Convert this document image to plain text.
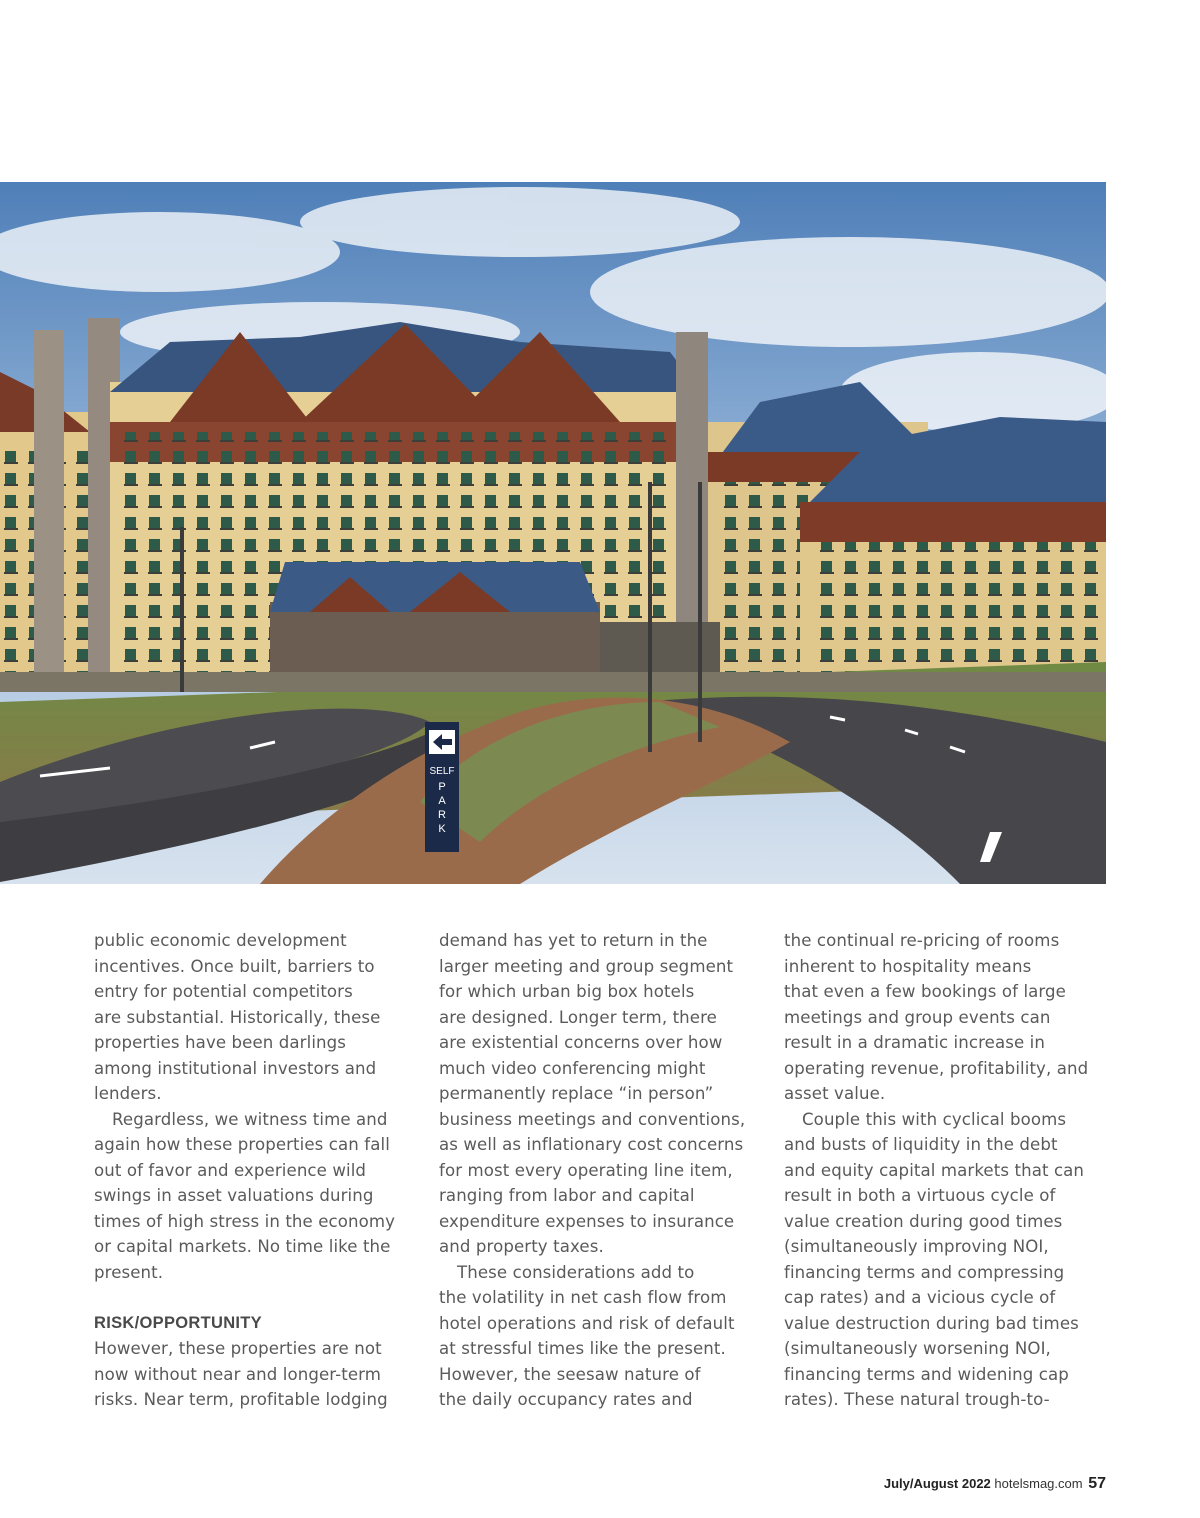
SELF
P
A
R
K

public economic development
incentives. Once built, barriers to
entry for potential competitors
are substantial. Historically, these
properties have been darlings
among institutional investors and
lenders.

Regardless, we witness time and
again how these properties can fall
out of favor and experience wild
swings in asset valuations during
times of high stress in the economy
or capital markets. No time like the
present.

RISK/OPPORTUNITY

However, these properties are not
now without near and longer-term
risks. Near term, profitable lodging

demand has yet to return in the
larger meeting and group segment
for which urban big box hotels
are designed. Longer term, there
are existential concerns over how
much video conferencing might
permanently replace “in person”
business meetings and conventions,
as well as inflationary cost concerns
for most every operating line item,
ranging from labor and capital
expenditure expenses to insurance
and property taxes.

These considerations add to
the volatility in net cash flow from
hotel operations and risk of default
at stressful times like the present.
However, the seesaw nature of
the daily occupancy rates and

the continual re-pricing of rooms
inherent to hospitality means
that even a few bookings of large
meetings and group events can
result in a dramatic increase in
operating revenue, profitability, and
asset value.

Couple this with cyclical booms
and busts of liquidity in the debt
and equity capital markets that can
result in both a virtuous cycle of
value creation during good times
(simultaneously improving NOI,
financing terms and compressing
cap rates) and a vicious cycle of
value destruction during bad times
(simultaneously worsening NOI,
financing terms and widening cap
rates). These natural trough-to-

July/August 2022 hotelsmag.com 57
